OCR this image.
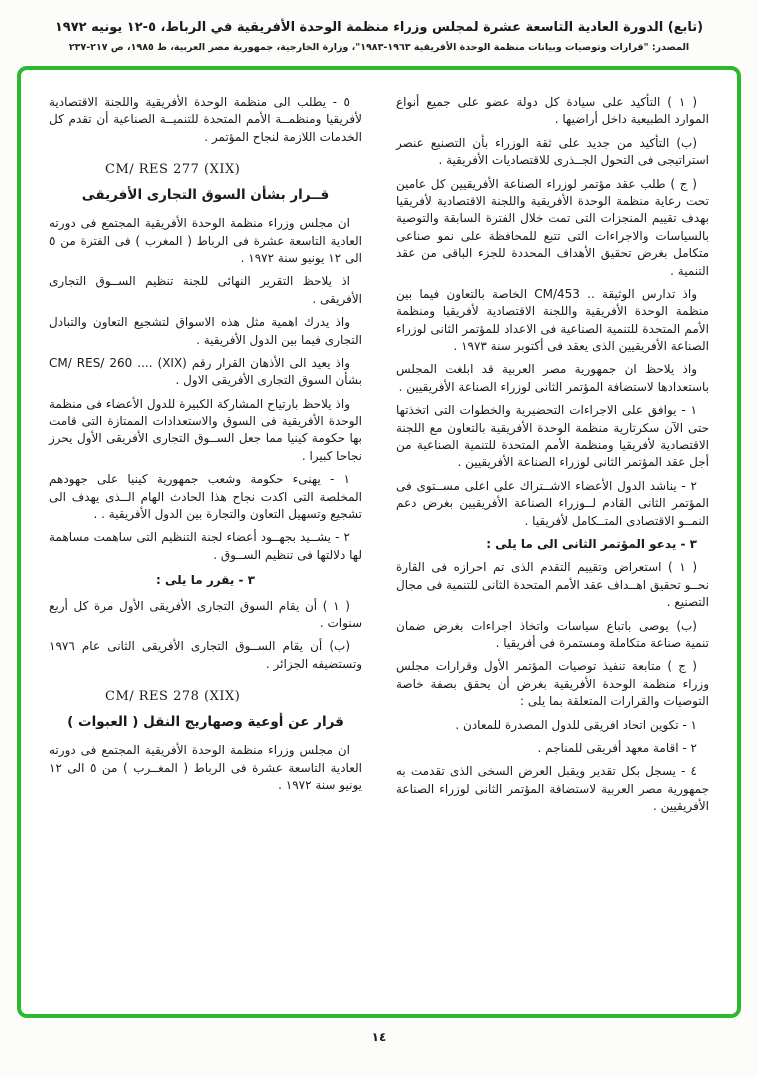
(تابع) الدورة العادية التاسعة عشرة لمجلس وزراء منظمة الوحدة الأفريقية في الرباط، ٥-١٢ يونيه ١٩٧٢
المصدر: "قرارات وتوصيات وبيانات منظمة الوحدة الأفريقية ١٩٦٣-١٩٨٣"، وزارة الخارجية، جمهورية مصر العربية، ط ١٩٨٥، ص ٢١٧-٢٣٧

( ١ ) التأكيد على سيادة كل دولة عضو على جميع أنواع الموارد الطبيعية داخل أراضيها .

(ب) التأكيد من جديد على ثقة الوزراء بأن التصنيع عنصر استراتيجى فى التحول الجــذرى للاقتصاديات الأفريقية .

( ج ) طلب عقد مؤتمر لوزراء الصناعة الأفريقيين كل عامين تحت رعاية منظمة الوحدة الأفريقية واللجنة الاقتصادية لأفريقيا بهدف تقييم المنجزات التى تمت خلال الفترة السابقة والتوصية بالسياسات والاجراءات التى تتبع للمحافظة على نمو صناعى متكامل بغرض تحقيق الأهداف المحددة للجزء الباقى من عقد التنمية .

واذ تدارس الوثيقة .. CM/453 الخاصة بالتعاون فيما بين منظمة الوحدة الأفريقية واللجنة الاقتصادية لأفريقيا ومنظمة الأمم المتحدة للتنمية الصناعية فى الاعداد للمؤتمر الثانى لوزراء الصناعة الأفريقيين الذى يعقد فى أكتوبر سنة ١٩٧٣ .

واذ يلاحظ ان جمهورية مصر العربية قد ابلغت المجلس باستعدادها لاستضافة المؤتمر الثانى لوزراء الصناعة الأفريقيين .

١ - يوافق على الاجراءات التحضيرية والخطوات التى اتخذتها حتى الآن سكرتارية منظمة الوحدة الأفريقية بالتعاون مع اللجنة الاقتصادية لأفريقيا ومنظمة الأمم المتحدة للتنمية الصناعية من أجل عقد المؤتمر الثانى لوزراء الصناعة الأفريقيين .

٢ - يناشد الدول الأعضاء الاشــتراك على اعلى مســتوى فى المؤتمر الثانى القادم لــوزراء الصناعة الأفريقيين بغرض دعم النمــو الاقتصادى المتــكامل لأفريقيا .

٣ - يدعو المؤتمر الثانى الى ما يلى :

( ١ ) استعراض وتقييم التقدم الذى تم احرازه فى القارة نحــو تحقيق اهــداف عقد الأمم المتحدة الثانى للتنمية فى مجال التصنيع .

(ب) يوصى باتباع سياسات واتخاذ اجراءات بغرض ضمان تنمية صناعة متكاملة ومستمرة فى أفريقيا .

( ج ) متابعة تنفيذ توصيات المؤتمر الأول وقرارات مجلس وزراء منظمة الوحدة الأفريقية بغرض أن يحقق بصفة خاصة التوصيات والقرارات المتعلقة بما يلى :

١ - تكوين اتحاد افريقى للدول المصدرة للمعادن .

٢ - اقامة معهد أفريقى للمناجم .

٤ - يسجل بكل تقدير ويقبل العرض السخى الذى تقدمت به جمهورية مصر العربية لاستضافة المؤتمر الثانى لوزراء الصناعة الأفريقيين .

٥ - يطلب الى منظمة الوحدة الأفريقية واللجنة الاقتصادية لأفريقيا ومنظمــة الأمم المتحدة للتنميــة الصناعية أن تقدم كل الخدمات اللازمة لنجاح المؤتمر .

CM/ RES 277 (XIX)

قــرار بشأن السوق التجارى الأفريقى

ان مجلس وزراء منظمة الوحدة الأفريقية المجتمع فى دورته العادية التاسعة عشرة فى الرباط ( المغرب ) فى الفترة من ٥ الى ١٢ يونيو سنة ١٩٧٢ .

اذ يلاحظ التقرير النهائى للجنة تنظيم الســوق التجارى الأفريقى .

واذ يدرك اهمية مثل هذه الاسواق لتشجيع التعاون والتبادل التجارى فيما بين الدول الأفريقية .

واذ يعيد الى الأذهان القرار رقم CM/ RES/ 260 .... (XIX) بشأن السوق التجارى الأفريقى الاول .

واذ يلاحظ بارتياح المشاركة الكبيرة للدول الأعضاء فى منظمة الوحدة الأفريقية فى السوق والاستعدادات الممتازة التى قامت بها حكومة كينيا مما جعل الســوق التجارى الأفريقى الأول يحرز نجاحا كبيرا .

١ - يهنىء حكومة وشعب جمهورية كينيا على جهودهم المخلصة التى اكدت نجاح هذا الحادث الهام الــذى يهدف الى تشجيع وتسهيل التعاون والتجارة بين الدول الأفريقية . .

٢ - يشــيد بجهــود أعضاء لجنة التنظيم التى ساهمت مساهمة لها دلالتها فى تنظيم الســوق .

٣ - يقرر ما يلى :

( ١ ) أن يقام السوق التجارى الأفريقى الأول مرة كل أربع سنوات .

(ب) أن يقام الســوق التجارى الأفريقى الثانى عام ١٩٧٦ وتستضيفه الجزائر .

CM/ RES 278 (XIX)

قرار عن أوعية وصهاريج النقل ( العبوات )

ان مجلس وزراء منظمة الوحدة الأفريقية المجتمع فى دورته العادية التاسعة عشرة فى الرباط ( المغــرب ) من ٥ الى ١٢ يونيو سنة ١٩٧٢ .

١٤
